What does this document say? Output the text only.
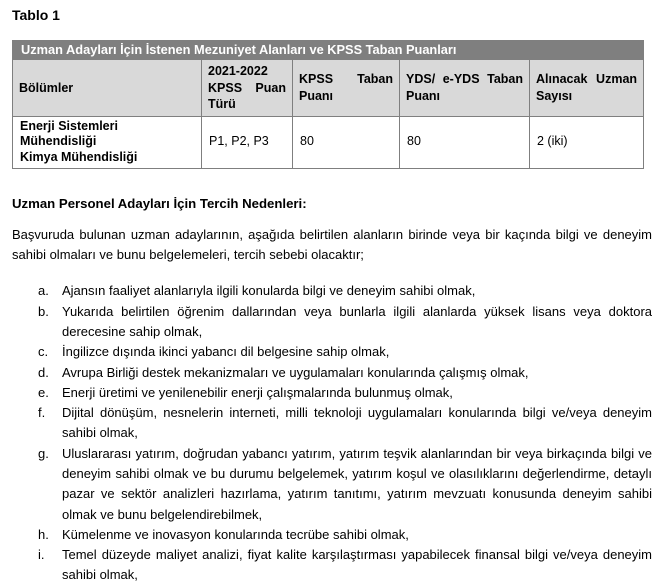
Tablo 1
Uzman Adayları İçin İstenen Mezuniyet Alanları ve KPSS Taban Puanları				
Bölümler	2021-2022 KPSS Puan Türü	KPSS Taban Puanı	YDS/ e-YDS Taban Puanı	Alınacak Uzman Sayısı

Enerji Sistemleri Mühendisliği
Kimya Mühendisliği	P1, P2, P3	80	80	2 (iki)
Uzman Personel Adayları İçin Tercih Nedenleri:

Başvuruda bulunan uzman adaylarının, aşağıda belirtilen alanların birinde veya bir kaçında bilgi ve deneyim sahibi olmaları ve bunu belgelemeleri, tercih sebebi olacaktır;

a.	Ajansın faaliyet alanlarıyla ilgili konularda bilgi ve deneyim sahibi olmak,
b.	Yukarıda belirtilen öğrenim dallarından veya bunlarla ilgili alanlarda yüksek lisans veya doktora derecesine sahip olmak,
c.	İngilizce dışında ikinci yabancı dil belgesine sahip olmak,
d.	Avrupa Birliği destek mekanizmaları ve uygulamaları konularında çalışmış olmak,
e.	Enerji üretimi ve yenilenebilir enerji çalışmalarında bulunmuş olmak,
f.	Dijital dönüşüm, nesnelerin interneti, milli teknoloji uygulamaları konularında bilgi ve/veya deneyim sahibi olmak,
g.	Uluslararası yatırım, doğrudan yabancı yatırım, yatırım teşvik alanlarından bir veya birkaçında bilgi ve deneyim sahibi olmak ve bu durumu belgelemek, yatırım koşul ve olasılıklarını değerlendirme, detaylı pazar ve sektör analizleri hazırlama, yatırım tanıtımı, yatırım mevzuatı konusunda deneyim sahibi olmak ve bunu belgelendirebilmek,
h.	Kümelenme ve inovasyon konularında tecrübe sahibi olmak,
i.	Temel düzeyde maliyet analizi, fiyat kalite karşılaştırması yapabilecek finansal bilgi ve/veya deneyim sahibi olmak,
